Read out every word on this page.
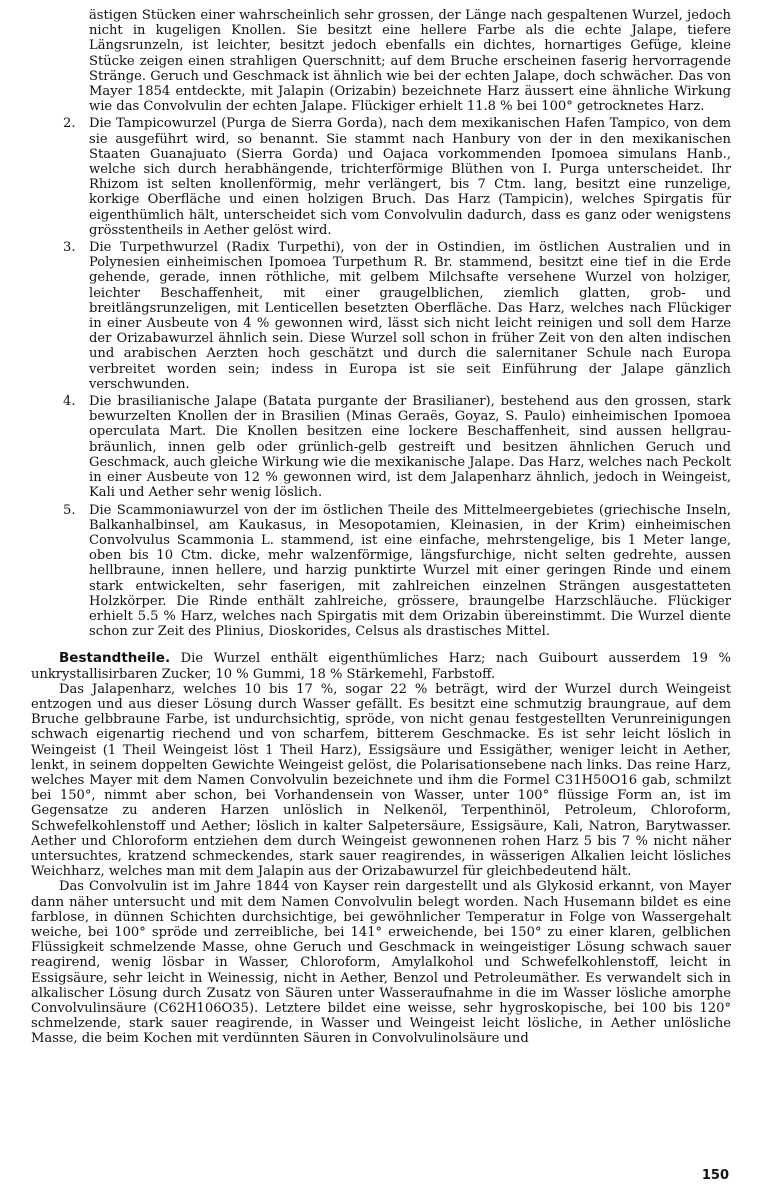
ästigen Stücken einer wahrscheinlich sehr grossen, der Länge nach gespaltenen Wurzel, jedoch nicht in kugeligen Knollen. Sie besitzt eine hellere Farbe als die echte Jalape, tiefere Längsrunzeln, ist leichter, besitzt jedoch ebenfalls ein dichtes, hornartiges Gefüge, kleine Stücke zeigen einen strahligen Querschnitt; auf dem Bruche erscheinen faserig hervorragende Stränge. Geruch und Geschmack ist ähnlich wie bei der echten Jalape, doch schwächer. Das von Mayer 1854 entdeckte, mit Jalapin (Orizabin) bezeichnete Harz äussert eine ähnliche Wirkung wie das Convolvulin der echten Jalape. Flückiger erhielt 11.8 % bei 100° getrocknetes Harz.
2. Die Tampicowurzel (Purga de Sierra Gorda), nach dem mexikanischen Hafen Tampico, von dem sie ausgeführt wird, so benannt. Sie stammt nach Hanbury von der in den mexikanischen Staaten Guanajuato (Sierra Gorda) und Oajaca vorkommenden Ipomoea simulans Hanb., welche sich durch herabhängende, trichterförmige Blüthen von I. Purga unterscheidet. Ihr Rhizom ist selten knollenförmig, mehr verlängert, bis 7 Ctm. lang, besitzt eine runzelige, korkige Oberfläche und einen holzigen Bruch. Das Harz (Tampicin), welches Spirgatis für eigenthümlich hält, unterscheidet sich vom Convolvulin dadurch, dass es ganz oder wenigstens grösstentheils in Aether gelöst wird.
3. Die Turpethwurzel (Radix Turpethi), von der in Ostindien, im östlichen Australien und in Polynesien einheimischen Ipomoea Turpethum R. Br. stammend, besitzt eine tief in die Erde gehende, gerade, innen röthliche, mit gelbem Milchsafte versehene Wurzel von holziger, leichter Beschaffenheit, mit einer graugelblichen, ziemlich glatten, grob- und breitlängsrunzeligen, mit Lenticellen besetzten Oberfläche. Das Harz, welches nach Flückiger in einer Ausbeute von 4 % gewonnen wird, lässt sich nicht leicht reinigen und soll dem Harze der Orizabawurzel ähnlich sein. Diese Wurzel soll schon in früher Zeit von den alten indischen und arabischen Aerzten hoch geschätzt und durch die salernitaner Schule nach Europa verbreitet worden sein; indess in Europa ist sie seit Einführung der Jalape gänzlich verschwunden.
4. Die brasilianische Jalape (Batata purgante der Brasilianer), bestehend aus den grossen, stark bewurzelten Knollen der in Brasilien (Minas Geraës, Goyaz, S. Paulo) einheimischen Ipomoea operculata Mart. Die Knollen besitzen eine lockere Beschaffenheit, sind aussen hellgrau-bräunlich, innen gelb oder grünlich-gelb gestreift und besitzen ähnlichen Geruch und Geschmack, auch gleiche Wirkung wie die mexikanische Jalape. Das Harz, welches nach Peckolt in einer Ausbeute von 12 % gewonnen wird, ist dem Jalapenharz ähnlich, jedoch in Weingeist, Kali und Aether sehr wenig löslich.
5. Die Scammoniawurzel von der im östlichen Theile des Mittelmeergebietes (griechische Inseln, Balkanhalbinsel, am Kaukasus, in Mesopotamien, Kleinasien, in der Krim) einheimischen Convolvulus Scammonia L. stammend, ist eine einfache, mehrstengelige, bis 1 Meter lange, oben bis 10 Ctm. dicke, mehr walzenförmige, längsfurchige, nicht selten gedrehte, aussen hellbraune, innen hellere, und harzig punktirte Wurzel mit einer geringen Rinde und einem stark entwickelten, sehr faserigen, mit zahlreichen einzelnen Strängen ausgestatteten Holzkörper. Die Rinde enthält zahlreiche, grössere, braungelbe Harzschläuche. Flückiger erhielt 5.5 % Harz, welches nach Spirgatis mit dem Orizabin übereinstimmt. Die Wurzel diente schon zur Zeit des Plinius, Dioskorides, Celsus als drastisches Mittel.

Bestandtheile. Die Wurzel enthält eigenthümliches Harz; nach Guibourt ausserdem 19 % unkrystallisirbaren Zucker, 10 % Gummi, 18 % Stärkemehl, Farbstoff.

Das Jalapenharz, welches 10 bis 17 %, sogar 22 % beträgt, wird der Wurzel durch Weingeist entzogen und aus dieser Lösung durch Wasser gefällt. Es besitzt eine schmutzig braungraue, auf dem Bruche gelbbraune Farbe, ist undurchsichtig, spröde, von nicht genau festgestellten Verunreinigungen schwach eigenartig riechend und von scharfem, bitterem Geschmacke. Es ist sehr leicht löslich in Weingeist (1 Theil Weingeist löst 1 Theil Harz), Essigsäure und Essigäther, weniger leicht in Aether, lenkt, in seinem doppelten Gewichte Weingeist gelöst, die Polarisationsebene nach links. Das reine Harz, welches Mayer mit dem Namen Convolvulin bezeichnete und ihm die Formel C31H50O16 gab, schmilzt bei 150°, nimmt aber schon, bei Vorhandensein von Wasser, unter 100° flüssige Form an, ist im Gegensatze zu anderen Harzen unlöslich in Nelkenöl, Terpenthinöl, Petroleum, Chloroform, Schwefelkohlenstoff und Aether; löslich in kalter Salpetersäure, Essigsäure, Kali, Natron, Barytwasser. Aether und Chloroform entziehen dem durch Weingeist gewonnenen rohen Harz 5 bis 7 % nicht näher untersuchtes, kratzend schmeckendes, stark sauer reagirendes, in wässerigen Alkalien leicht lösliches Weichharz, welches man mit dem Jalapin aus der Orizabawurzel für gleichbedeutend hält.

Das Convolvulin ist im Jahre 1844 von Kayser rein dargestellt und als Glykosid erkannt, von Mayer dann näher untersucht und mit dem Namen Convolvulin belegt worden. Nach Husemann bildet es eine farblose, in dünnen Schichten durchsichtige, bei gewöhnlicher Temperatur in Folge von Wassergehalt weiche, bei 100° spröde und zerreibliche, bei 141° erweichende, bei 150° zu einer klaren, gelblichen Flüssigkeit schmelzende Masse, ohne Geruch und Geschmack in weingeistiger Lösung schwach sauer reagirend, wenig lösbar in Wasser, Chloroform, Amylalkohol und Schwefelkohlenstoff, leicht in Essigsäure, sehr leicht in Weinessig, nicht in Aether, Benzol und Petroleumäther. Es verwandelt sich in alkalischer Lösung durch Zusatz von Säuren unter Wasseraufnahme in die im Wasser lösliche amorphe Convolvulinsäure (C62H106O35). Letztere bildet eine weisse, sehr hygroskopische, bei 100 bis 120° schmelzende, stark sauer reagirende, in Wasser und Weingeist leicht lösliche, in Aether unlösliche Masse, die beim Kochen mit verdünnten Säuren in Convolvulinolsäure und

150
